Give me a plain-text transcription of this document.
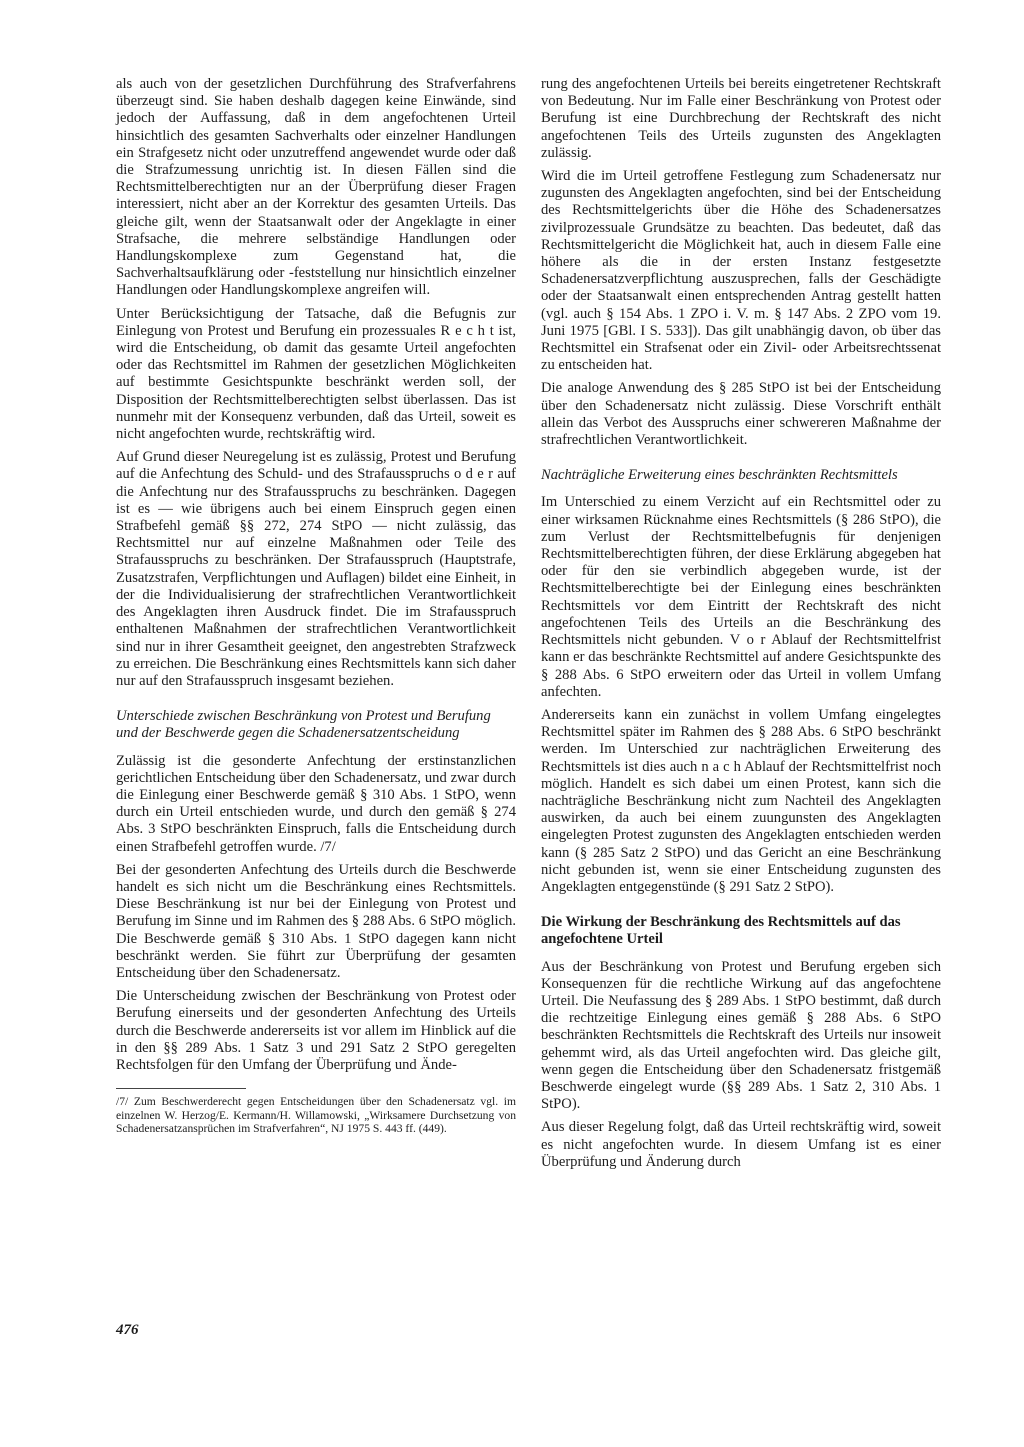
als auch von der gesetzlichen Durchführung des Strafverfahrens überzeugt sind. Sie haben deshalb dagegen keine Einwände, sind jedoch der Auffassung, daß in dem angefochtenen Urteil hinsichtlich des gesamten Sachverhalts oder einzelner Handlungen ein Strafgesetz nicht oder unzutreffend angewendet wurde oder daß die Strafzumessung unrichtig ist. In diesen Fällen sind die Rechtsmittelberechtigten nur an der Überprüfung dieser Fragen interessiert, nicht aber an der Korrektur des gesamten Urteils. Das gleiche gilt, wenn der Staatsanwalt oder der Angeklagte in einer Strafsache, die mehrere selbständige Handlungen oder Handlungskomplexe zum Gegenstand hat, die Sachverhaltsaufklärung oder -feststellung nur hinsichtlich einzelner Handlungen oder Handlungskomplexe angreifen will.

Unter Berücksichtigung der Tatsache, daß die Befugnis zur Einlegung von Protest und Berufung ein prozessuales R e c h t ist, wird die Entscheidung, ob damit das gesamte Urteil angefochten oder das Rechtsmittel im Rahmen der gesetzlichen Möglichkeiten auf bestimmte Gesichtspunkte beschränkt werden soll, der Disposition der Rechtsmittelberechtigten selbst überlassen. Das ist nunmehr mit der Konsequenz verbunden, daß das Urteil, soweit es nicht angefochten wurde, rechtskräftig wird.

Auf Grund dieser Neuregelung ist es zulässig, Protest und Berufung auf die Anfechtung des Schuld- und des Strafausspruchs o d e r auf die Anfechtung nur des Strafausspruchs zu beschränken. Dagegen ist es — wie übrigens auch bei einem Einspruch gegen einen Strafbefehl gemäß §§ 272, 274 StPO — nicht zulässig, das Rechtsmittel nur auf einzelne Maßnahmen oder Teile des Strafausspruchs zu beschränken. Der Strafausspruch (Hauptstrafe, Zusatzstrafen, Verpflichtungen und Auflagen) bildet eine Einheit, in der die Individualisierung der strafrechtlichen Verantwortlichkeit des Angeklagten ihren Ausdruck findet. Die im Strafausspruch enthaltenen Maßnahmen der strafrechtlichen Verantwortlichkeit sind nur in ihrer Gesamtheit geeignet, den angestrebten Strafzweck zu erreichen. Die Beschränkung eines Rechtsmittels kann sich daher nur auf den Strafausspruch insgesamt beziehen.

Unterschiede zwischen Beschränkung von Protest und Berufung und der Beschwerde gegen die Schadenersatzentscheidung

Zulässig ist die gesonderte Anfechtung der erstinstanzlichen gerichtlichen Entscheidung über den Schadenersatz, und zwar durch die Einlegung einer Beschwerde gemäß § 310 Abs. 1 StPO, wenn durch ein Urteil entschieden wurde, und durch den gemäß § 274 Abs. 3 StPO beschränkten Einspruch, falls die Entscheidung durch einen Strafbefehl getroffen wurde. /7/

Bei der gesonderten Anfechtung des Urteils durch die Beschwerde handelt es sich nicht um die Beschränkung eines Rechtsmittels. Diese Beschränkung ist nur bei der Einlegung von Protest und Berufung im Sinne und im Rahmen des § 288 Abs. 6 StPO möglich. Die Beschwerde gemäß § 310 Abs. 1 StPO dagegen kann nicht beschränkt werden. Sie führt zur Überprüfung der gesamten Entscheidung über den Schadenersatz.

Die Unterscheidung zwischen der Beschränkung von Protest oder Berufung einerseits und der gesonderten Anfechtung des Urteils durch die Beschwerde andererseits ist vor allem im Hinblick auf die in den §§ 289 Abs. 1 Satz 3 und 291 Satz 2 StPO geregelten Rechtsfolgen für den Umfang der Überprüfung und Ände-

/7/ Zum Beschwerderecht gegen Entscheidungen über den Schadenersatz vgl. im einzelnen W. Herzog/E. Kermann/H. Willamowski, „Wirksamere Durchsetzung von Schadenersatzansprüchen im Strafverfahren“, NJ 1975 S. 443 ff. (449).

rung des angefochtenen Urteils bei bereits eingetretener Rechtskraft von Bedeutung. Nur im Falle einer Beschränkung von Protest oder Berufung ist eine Durchbrechung der Rechtskraft des nicht angefochtenen Teils des Urteils zugunsten des Angeklagten zulässig.

Wird die im Urteil getroffene Festlegung zum Schadenersatz nur zugunsten des Angeklagten angefochten, sind bei der Entscheidung des Rechtsmittelgerichts über die Höhe des Schadenersatzes zivilprozessuale Grundsätze zu beachten. Das bedeutet, daß das Rechtsmittelgericht die Möglichkeit hat, auch in diesem Falle eine höhere als die in der ersten Instanz festgesetzte Schadenersatzverpflichtung auszusprechen, falls der Geschädigte oder der Staatsanwalt einen entsprechenden Antrag gestellt hatten (vgl. auch § 154 Abs. 1 ZPO i. V. m. § 147 Abs. 2 ZPO vom 19. Juni 1975 [GBl. I S. 533]). Das gilt unabhängig davon, ob über das Rechtsmittel ein Strafsenat oder ein Zivil- oder Arbeitsrechtssenat zu entscheiden hat.

Die analoge Anwendung des § 285 StPO ist bei der Entscheidung über den Schadenersatz nicht zulässig. Diese Vorschrift enthält allein das Verbot des Ausspruchs einer schwereren Maßnahme der strafrechtlichen Verantwortlichkeit.

Nachträgliche Erweiterung eines beschränkten Rechtsmittels

Im Unterschied zu einem Verzicht auf ein Rechtsmittel oder zu einer wirksamen Rücknahme eines Rechtsmittels (§ 286 StPO), die zum Verlust der Rechtsmittelbefugnis für denjenigen Rechtsmittelberechtigten führen, der diese Erklärung abgegeben hat oder für den sie verbindlich abgegeben wurde, ist der Rechtsmittelberechtigte bei der Einlegung eines beschränkten Rechtsmittels vor dem Eintritt der Rechtskraft des nicht angefochtenen Teils des Urteils an die Beschränkung des Rechtsmittels nicht gebunden. V o r Ablauf der Rechtsmittelfrist kann er das beschränkte Rechtsmittel auf andere Gesichtspunkte des § 288 Abs. 6 StPO erweitern oder das Urteil in vollem Umfang anfechten.

Andererseits kann ein zunächst in vollem Umfang eingelegtes Rechtsmittel später im Rahmen des § 288 Abs. 6 StPO beschränkt werden. Im Unterschied zur nachträglichen Erweiterung des Rechtsmittels ist dies auch n a c h Ablauf der Rechtsmittelfrist noch möglich. Handelt es sich dabei um einen Protest, kann sich die nachträgliche Beschränkung nicht zum Nachteil des Angeklagten auswirken, da auch bei einem zuungunsten des Angeklagten eingelegten Protest zugunsten des Angeklagten entschieden werden kann (§ 285 Satz 2 StPO) und das Gericht an eine Beschränkung nicht gebunden ist, wenn sie einer Entscheidung zugunsten des Angeklagten entgegenstünde (§ 291 Satz 2 StPO).

Die Wirkung der Beschränkung des Rechtsmittels auf das angefochtene Urteil

Aus der Beschränkung von Protest und Berufung ergeben sich Konsequenzen für die rechtliche Wirkung auf das angefochtene Urteil. Die Neufassung des § 289 Abs. 1 StPO bestimmt, daß durch die rechtzeitige Einlegung eines gemäß § 288 Abs. 6 StPO beschränkten Rechtsmittels die Rechtskraft des Urteils nur insoweit gehemmt wird, als das Urteil angefochten wird. Das gleiche gilt, wenn gegen die Entscheidung über den Schadenersatz fristgemäß Beschwerde eingelegt wurde (§§ 289 Abs. 1 Satz 2, 310 Abs. 1 StPO).

Aus dieser Regelung folgt, daß das Urteil rechtskräftig wird, soweit es nicht angefochten wurde. In diesem Umfang ist es einer Überprüfung und Änderung durch

476
